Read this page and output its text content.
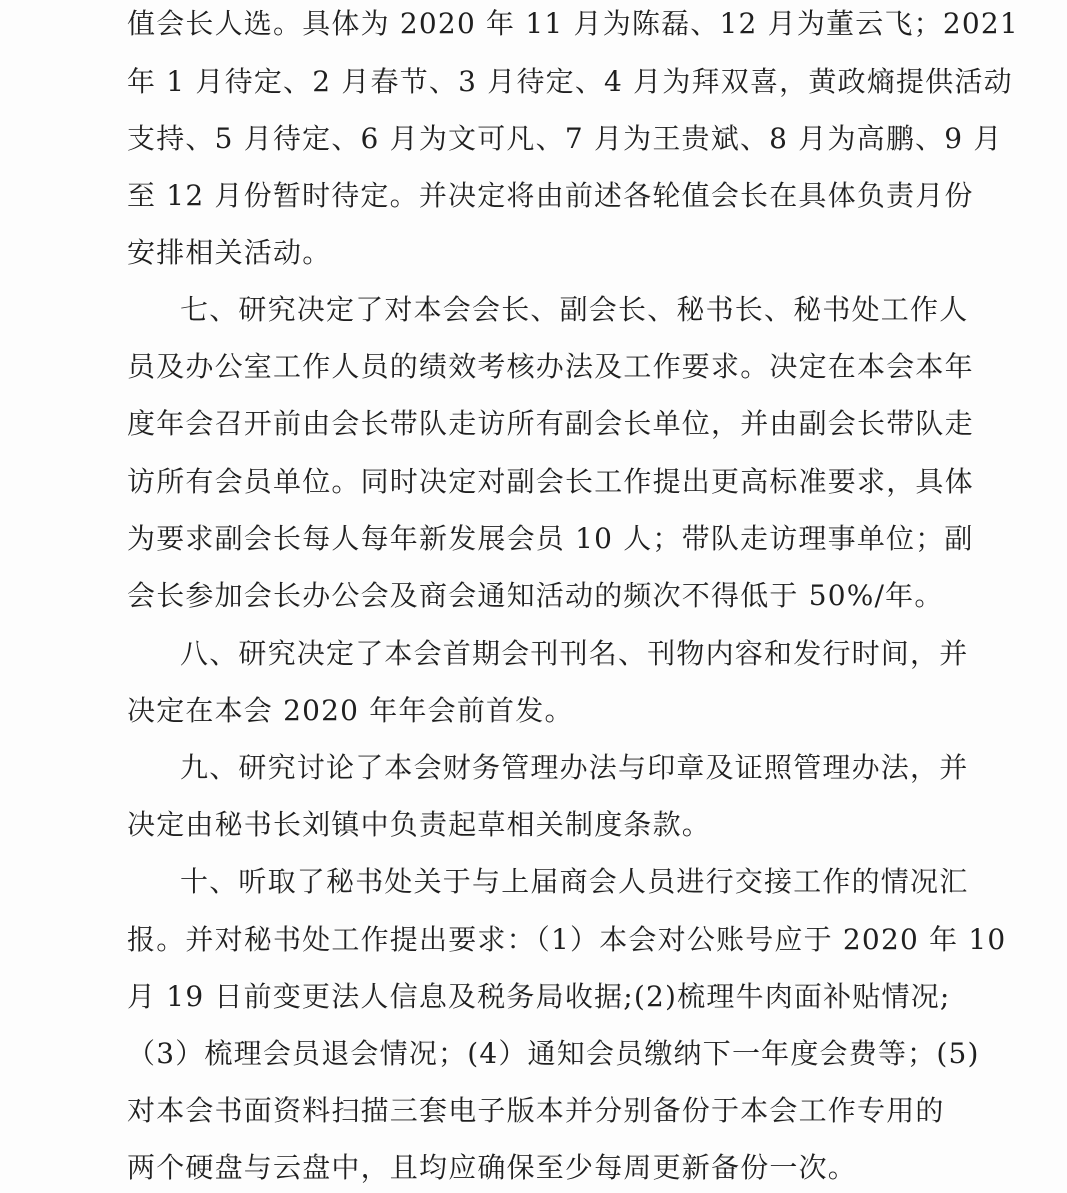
值会长人选。具体为 2020 年 11 月为陈磊、12 月为董云飞；2021
年 1 月待定、2 月春节、3 月待定、4 月为拜双喜，黄政熵提供活动
支持、5 月待定、6 月为文可凡、7 月为王贵斌、8 月为高鹏、9 月
至 12 月份暂时待定。并决定将由前述各轮值会长在具体负责月份
安排相关活动。
七、研究决定了对本会会长、副会长、秘书长、秘书处工作人
员及办公室工作人员的绩效考核办法及工作要求。决定在本会本年
度年会召开前由会长带队走访所有副会长单位，并由副会长带队走
访所有会员单位。同时决定对副会长工作提出更高标准要求，具体
为要求副会长每人每年新发展会员 10 人；带队走访理事单位；副
会长参加会长办公会及商会通知活动的频次不得低于 50%/年。
八、研究决定了本会首期会刊刊名、刊物内容和发行时间，并
决定在本会 2020 年年会前首发。
九、研究讨论了本会财务管理办法与印章及证照管理办法，并
决定由秘书长刘镇中负责起草相关制度条款。
十、听取了秘书处关于与上届商会人员进行交接工作的情况汇
报。并对秘书处工作提出要求：（1）本会对公账号应于 2020 年 10
月 19 日前变更法人信息及税务局收据;(2)梳理牛肉面补贴情况;
（3）梳理会员退会情况；(4）通知会员缴纳下一年度会费等；(5)
对本会书面资料扫描三套电子版本并分别备份于本会工作专用的
两个硬盘与云盘中，且均应确保至少每周更新备份一次。
